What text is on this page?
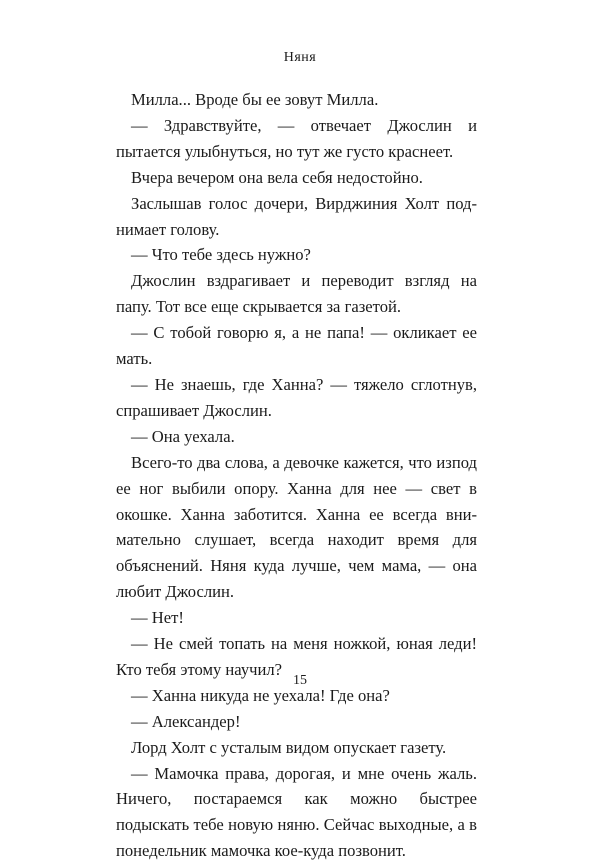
Няня

Милла... Вроде бы ее зовут Милла.

— Здравствуйте, — отвечает Джослин и пытается улыбнуться, но тут же густо краснеет.

Вчера вечером она вела себя недостойно.

Заслышав голос дочери, Вирджиния Холт поднимает голову.

— Что тебе здесь нужно?

Джослин вздрагивает и переводит взгляд на папу. Тот все еще скрывается за газетой.

— С тобой говорю я, а не папа! — окликает ее мать.

— Не знаешь, где Ханна? — тяжело сглотнув, спрашивает Джослин.

— Она уехала.

Всего-то два слова, а девочке кажется, что изпод ее ног выбили опору. Ханна для нее — свет в окошке. Ханна заботится. Ханна ее всегда внимательно слушает, всегда находит время для объяснений. Няня куда лучше, чем мама, — она любит Джослин.

— Нет!

— Не смей топать на меня ножкой, юная леди! Кто тебя этому научил?

— Ханна никуда не уехала! Где она?

— Александер!

Лорд Холт с усталым видом опускает газету.

— Мамочка права, дорогая, и мне очень жаль. Ничего, постараемся как можно быстрее подыскать тебе новую няню. Сейчас выходные, а в понедельник мамочка кое-куда позвонит.

15
